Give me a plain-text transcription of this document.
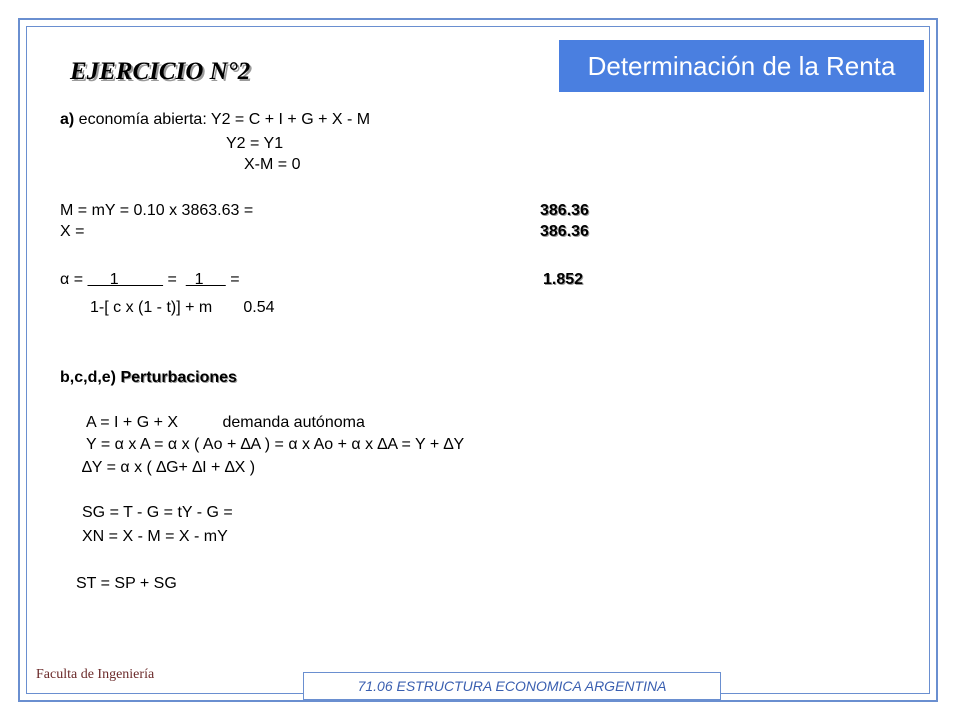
Determinación de la Renta
EJERCICIO N°2
a) economía abierta: Y2 = C + I + G + X - M
Y2 = Y1
X-M = 0
M = mY = 0.10 x 3863.63 =	386.36
X =	386.36
α =      1           =    1      =	1.852
1-[ c x (1 - t)] + m       0.54
b,c,d,e) Perturbaciones
A = I + G + X          demanda autónoma
Y = α x A = α x ( Ao + ∆A ) = α x Ao + α x ∆A = Y + ∆Y
∆Y = α x ( ∆G+ ∆I + ∆X )
SG = T - G = tY - G =
XN = X - M = X - mY
ST = SP + SG
Faculta de Ingeniería
71.06 ESTRUCTURA ECONOMICA ARGENTINA
